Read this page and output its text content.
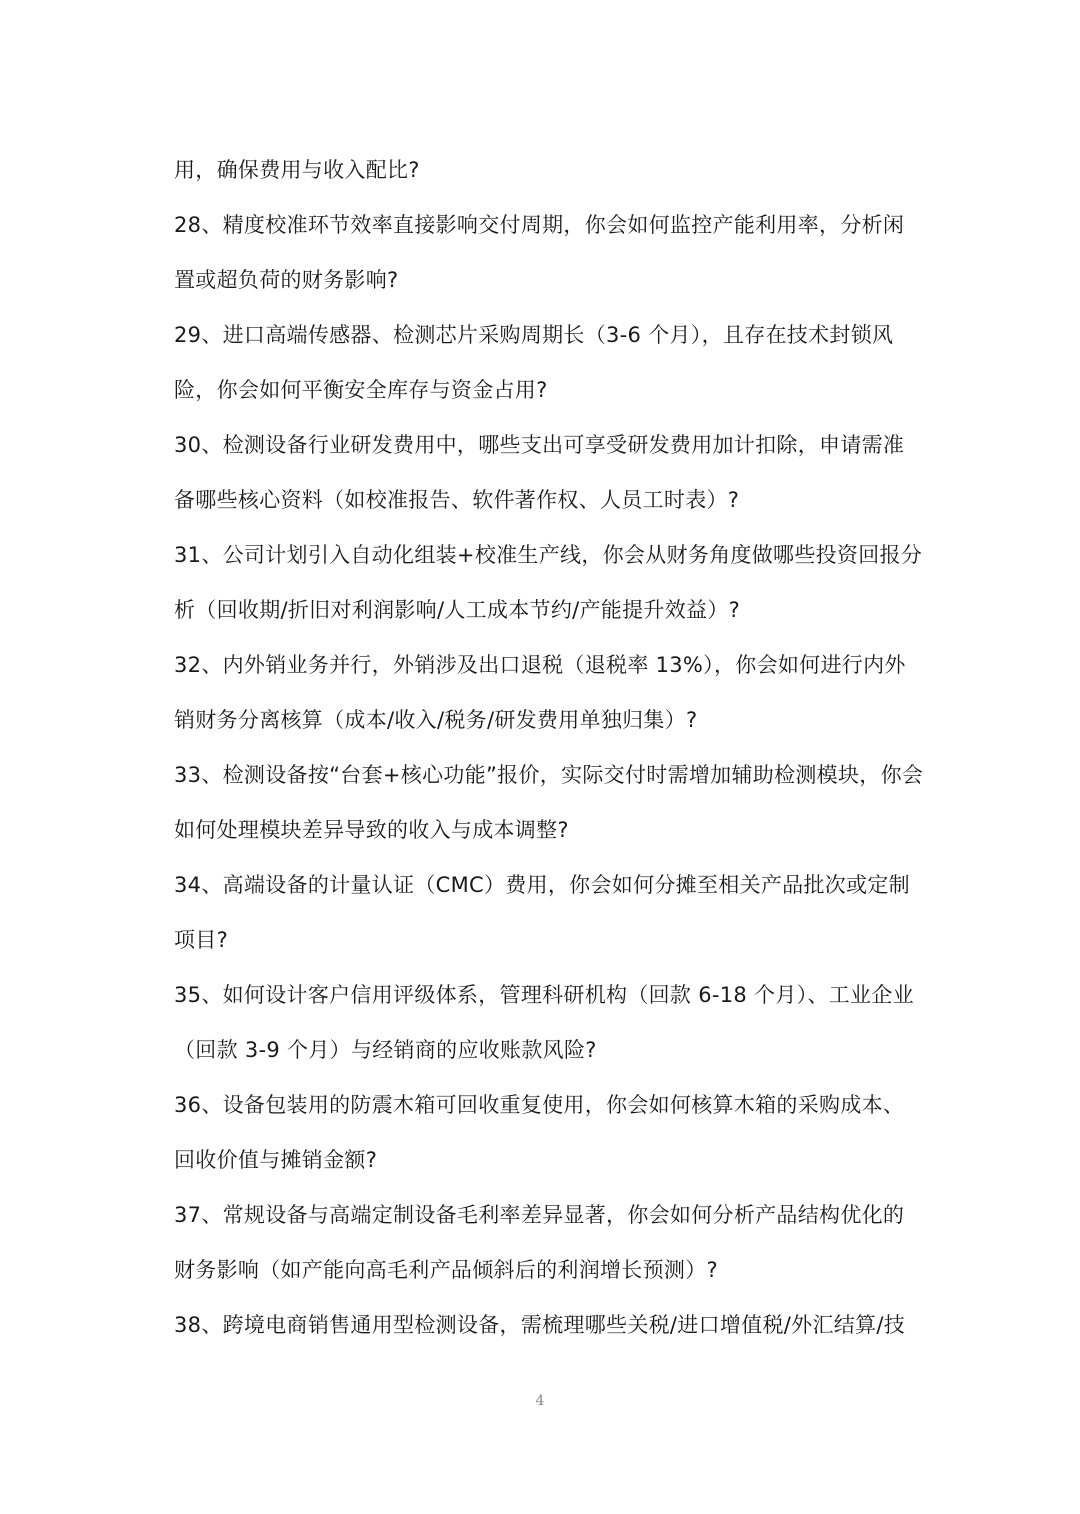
用，确保费用与收入配比?
28、精度校准环节效率直接影响交付周期，你会如何监控产能利用率，分析闲
置或超负荷的财务影响?
29、进口高端传感器、检测芯片采购周期长（3-6 个月），且存在技术封锁风
险，你会如何平衡安全库存与资金占用?
30、检测设备行业研发费用中，哪些支出可享受研发费用加计扣除，申请需准
备哪些核心资料（如校准报告、软件著作权、人员工时表）?
31、公司计划引入自动化组装+校准生产线，你会从财务角度做哪些投资回报分
析（回收期/折旧对利润影响/人工成本节约/产能提升效益）?
32、内外销业务并行，外销涉及出口退税（退税率 13%），你会如何进行内外
销财务分离核算（成本/收入/税务/研发费用单独归集）?
33、检测设备按“台套+核心功能”报价，实际交付时需增加辅助检测模块，你会
如何处理模块差异导致的收入与成本调整?
34、高端设备的计量认证（CMC）费用，你会如何分摊至相关产品批次或定制
项目?
35、如何设计客户信用评级体系，管理科研机构（回款 6-18 个月）、工业企业
（回款 3-9 个月）与经销商的应收账款风险?
36、设备包装用的防震木箱可回收重复使用，你会如何核算木箱的采购成本、
回收价值与摊销金额?
37、常规设备与高端定制设备毛利率差异显著，你会如何分析产品结构优化的
财务影响（如产能向高毛利产品倾斜后的利润增长预测）?
38、跨境电商销售通用型检测设备，需梳理哪些关税/进口增值税/外汇结算/技
4
